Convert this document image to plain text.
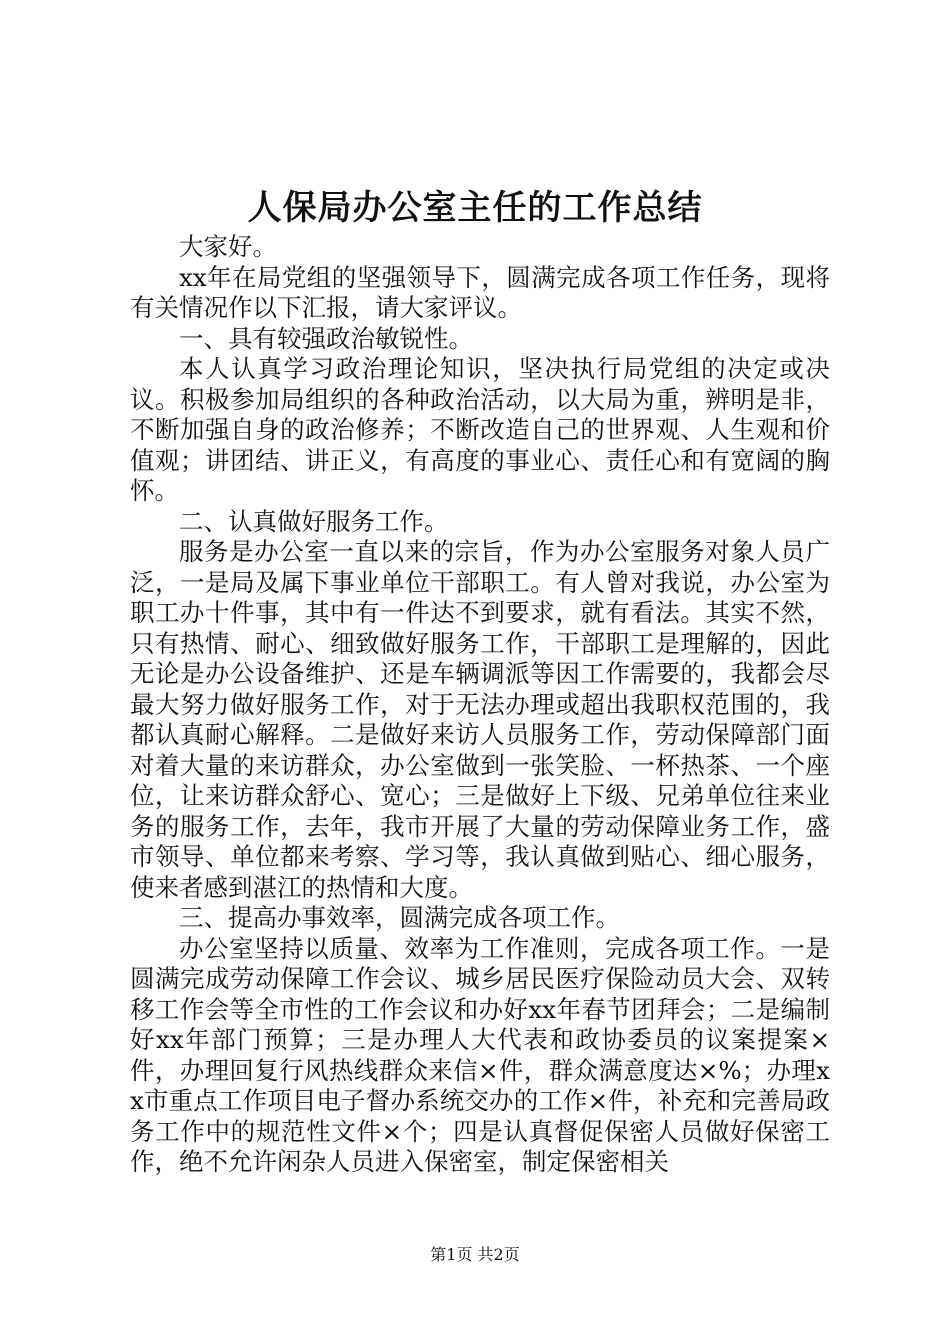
人保局办公室主任的工作总结

大家好。

xx年在局党组的坚强领导下，圆满完成各项工作任务，现将有关情况作以下汇报，请大家评议。

一、具有较强政治敏锐性。

本人认真学习政治理论知识，坚决执行局党组的决定或决议。积极参加局组织的各种政治活动，以大局为重，辨明是非，不断加强自身的政治修养；不断改造自己的世界观、人生观和价值观；讲团结、讲正义，有高度的事业心、责任心和有宽阔的胸怀。

二、认真做好服务工作。

服务是办公室一直以来的宗旨，作为办公室服务对象人员广泛，一是局及属下事业单位干部职工。有人曾对我说，办公室为职工办十件事，其中有一件达不到要求，就有看法。其实不然，只有热情、耐心、细致做好服务工作，干部职工是理解的，因此无论是办公设备维护、还是车辆调派等因工作需要的，我都会尽最大努力做好服务工作，对于无法办理或超出我职权范围的，我都认真耐心解释。二是做好来访人员服务工作，劳动保障部门面对着大量的来访群众，办公室做到一张笑脸、一杯热茶、一个座位，让来访群众舒心、宽心；三是做好上下级、兄弟单位往来业务的服务工作，去年，我市开展了大量的劳动保障业务工作，盛市领导、单位都来考察、学习等，我认真做到贴心、细心服务，使来者感到湛江的热情和大度。

三、提高办事效率，圆满完成各项工作。

办公室坚持以质量、效率为工作准则，完成各项工作。一是圆满完成劳动保障工作会议、城乡居民医疗保险动员大会、双转移工作会等全市性的工作会议和办好xx年春节团拜会；二是编制好xx年部门预算；三是办理人大代表和政协委员的议案提案×件，办理回复行风热线群众来信×件，群众满意度达×%；办理xx市重点工作项目电子督办系统交办的工作×件，补充和完善局政务工作中的规范性文件×个；四是认真督促保密人员做好保密工作，绝不允许闲杂人员进入保密室，制定保密相关

第1页 共2页
